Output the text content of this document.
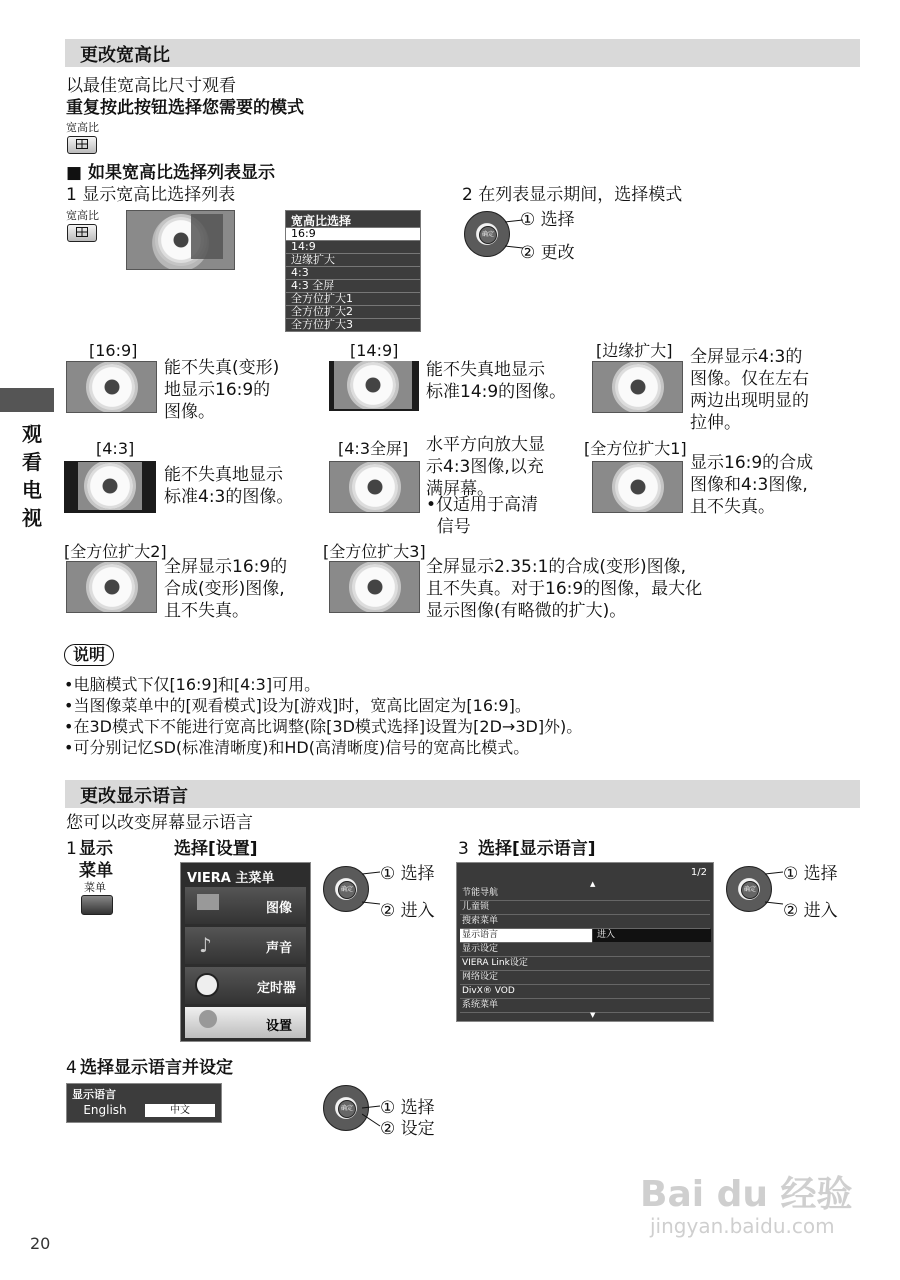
更改宽高比
以最佳宽高比尺寸观看
重复按此按钮选择您需要的模式
宽高比
■ 如果宽高比选择列表显示
1 显示宽高比选择列表
宽高比	宽高比选择
16:9
14:9
边缘扩大
4:3
4:3 全屏
全方位扩大1
全方位扩大2
全方位扩大3
2 在列表显示期间，选择模式
确定
① 选择
② 更改
[16:9]
能不失真(变形)
地显示16:9的
图像。
[14:9]
能不失真地显示
标准14:9的图像。
[边缘扩大] 全屏显示4:3的
图像。仅在左右
两边出现明显的
拉伸。
[4:3]
能不失真地显示
标准4:3的图像。
[4:3全屏] 水平方向放大显
示4:3图像,以充
满屏幕。
•仅适用于高清
信号
[全方位扩大1]
显示16:9的合成
图像和4:3图像,
且不失真。
[全方位扩大2]
全屏显示16:9的
合成(变形)图像,
且不失真。
[全方位扩大3]
全屏显示2.35:1的合成(变形)图像,
且不失真。对于16:9的图像，最大化
显示图像(有略微的扩大)。
说明
•电脑模式下仅[16:9]和[4:3]可用。
•当图像菜单中的[观看模式]设为[游戏]时，宽高比固定为[16:9]。
•在3D模式下不能进行宽高比调整(除[3D模式选择]设置为[2D→3D]外)。
•可分别记忆SD(标准清晰度)和HD(高清晰度)信号的宽高比模式。
观
看
电
视
更改显示语言
您可以改变屏幕显示语言
1 显示
菜单
菜单
选择[设置]
VIERA 主菜单
图像
♪	声音
定时器
设置
确定
① 选择
② 进入
3 选择[显示语言]
1/2
▲
节能导航
儿童锁
搜索菜单
显示语言	进入
显示设定
VIERA Link设定
网络设定
DivX® VOD
系统菜单
▼
确定
① 选择
② 进入
4 选择显示语言并设定
显示语言
English	中文	确定 ① 选择
② 设定
20
Bai du 经验
jingyan.baidu.com
